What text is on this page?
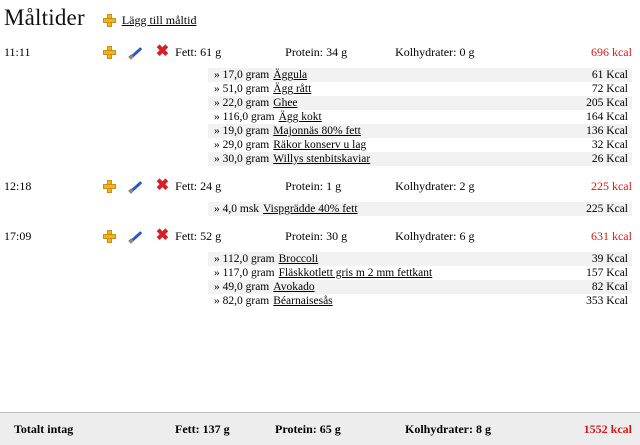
Måltider	Lägg till måltid
11:11	✖ Fett: 61 g	Protein: 34 g	Kolhydrater: 0 g	696 kcal
» 17,0 gram Äggula	61 Kcal
» 51,0 gram Ägg rått	72 Kcal
» 22,0 gram Ghee	205 Kcal
» 116,0 gram Ägg kokt	164 Kcal
» 19,0 gram Majonnäs 80% fett	136 Kcal
» 29,0 gram Räkor konserv u lag	32 Kcal
» 30,0 gram Willys stenbitskaviar	26 Kcal
12:18	✖ Fett: 24 g	Protein: 1 g	Kolhydrater: 2 g	225 kcal
» 4,0 msk Vispgrädde 40% fett	225 Kcal
17:09	✖ Fett: 52 g	Protein: 30 g	Kolhydrater: 6 g	631 kcal
» 112,0 gram Broccoli	39 Kcal
» 117,0 gram Fläskkotlett gris m 2 mm fettkant	157 Kcal
» 49,0 gram Avokado	82 Kcal
» 82,0 gram Béarnaisesås	353 Kcal
Totalt intag	Fett: 137 g	Protein: 65 g	Kolhydrater: 8 g	1552 kcal
